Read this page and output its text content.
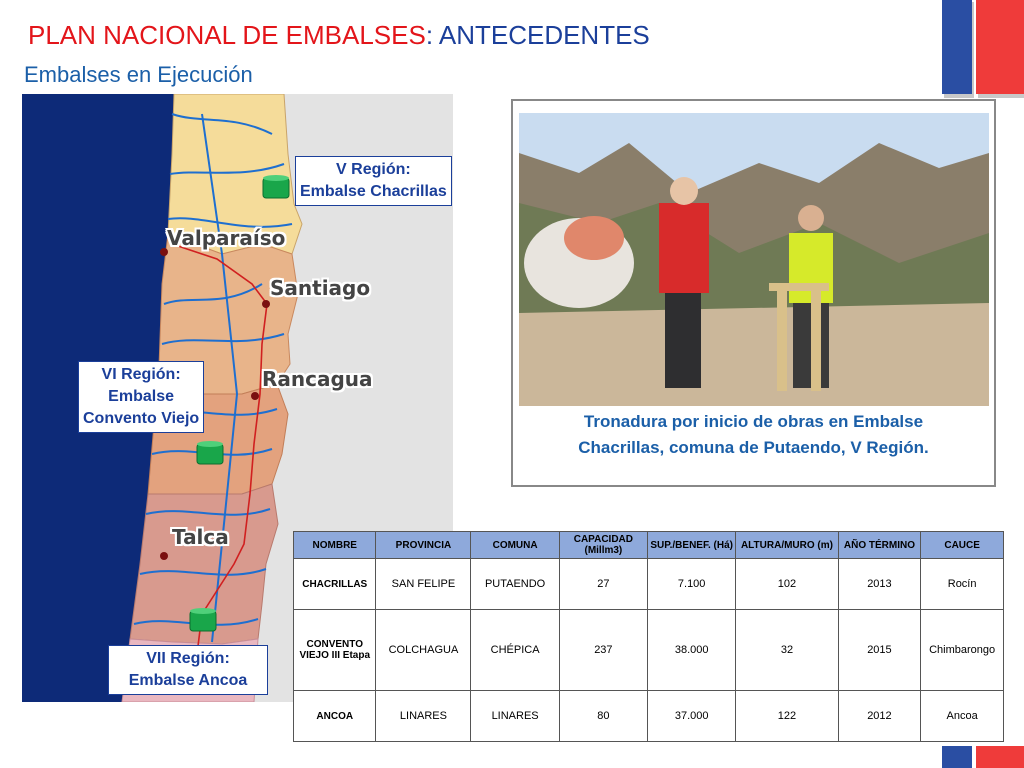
PLAN NACIONAL DE EMBALSES: ANTECEDENTES
Embalses en Ejecución
Valparaíso
Santiago
Rancagua
Talca
V Región:
Embalse Chacrillas
VI Región:
Embalse
Convento Viejo
VII Región:
Embalse Ancoa
Tronadura por inicio de obras en Embalse
Chacrillas, comuna de Putaendo, V Región.
NOMBRE	PROVINCIA	COMUNA	CAPACIDAD (Millm3)	SUP./BENEF. (Há)	ALTURA/MURO (m)	AÑO TÉRMINO	CAUCE
CHACRILLAS	SAN FELIPE	PUTAENDO	27	7.100	102	2013	Rocín
CONVENTO VIEJO III Etapa	COLCHAGUA	CHÉPICA	237	38.000	32	2015	Chimbarongo
ANCOA	LINARES	LINARES	80	37.000	122	2012	Ancoa
